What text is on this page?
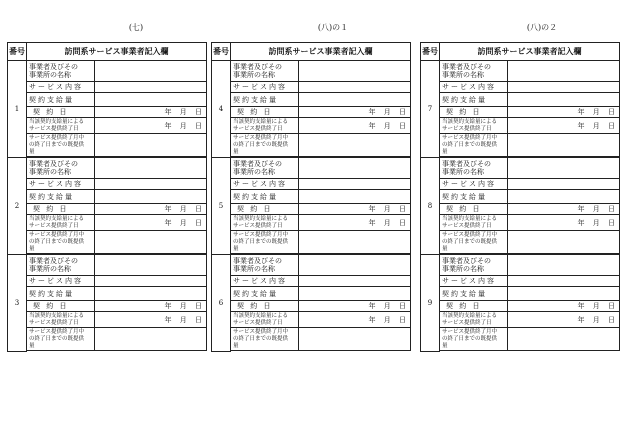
(七)
番号	訪問系サービス事業者記入欄	
1	事業者及びその
事業所の名称	
	サービス内容	
	契約支給量	
	契 約 日	年 月 日
	当該契約支給量による
サービス提供終了日	年 月 日
	サービス提供終了月中
の終了日までの既提供
量	

2	事業者及びその
事業所の名称	
	サービス内容	
	契約支給量	
	契 約 日	年 月 日
	当該契約支給量による
サービス提供終了日	年 月 日
	サービス提供終了月中
の終了日までの既提供
量	

3	事業者及びその
事業所の名称	
	サービス内容	
	契約支給量	
	契 約 日	年 月 日
	当該契約支給量による
サービス提供終了日	年 月 日
	サービス提供終了月中
の終了日までの既提供
量	

(八)の１
番号	訪問系サービス事業者記入欄	
4	事業者及びその
事業所の名称	
	サービス内容	
	契約支給量	
	契 約 日	年 月 日
	当該契約支給量による
サービス提供終了日	年 月 日
	サービス提供終了月中
の終了日までの既提供
量	

5	事業者及びその
事業所の名称	
	サービス内容	
	契約支給量	
	契 約 日	年 月 日
	当該契約支給量による
サービス提供終了日	年 月 日
	サービス提供終了月中
の終了日までの既提供
量	

6	事業者及びその
事業所の名称	
	サービス内容	
	契約支給量	
	契 約 日	年 月 日
	当該契約支給量による
サービス提供終了日	年 月 日
	サービス提供終了月中
の終了日までの既提供
量	

(八)の２
番号	訪問系サービス事業者記入欄	
7	事業者及びその
事業所の名称	
	サービス内容	
	契約支給量	
	契 約 日	年 月 日
	当該契約支給量による
サービス提供終了日	年 月 日
	サービス提供終了月中
の終了日までの既提供
量	

8	事業者及びその
事業所の名称	
	サービス内容	
	契約支給量	
	契 約 日	年 月 日
	当該契約支給量による
サービス提供終了日	年 月 日
	サービス提供終了月中
の終了日までの既提供
量	

9	事業者及びその
事業所の名称	
	サービス内容	
	契約支給量	
	契 約 日	年 月 日
	当該契約支給量による
サービス提供終了日	年 月 日
	サービス提供終了月中
の終了日までの既提供
量	
